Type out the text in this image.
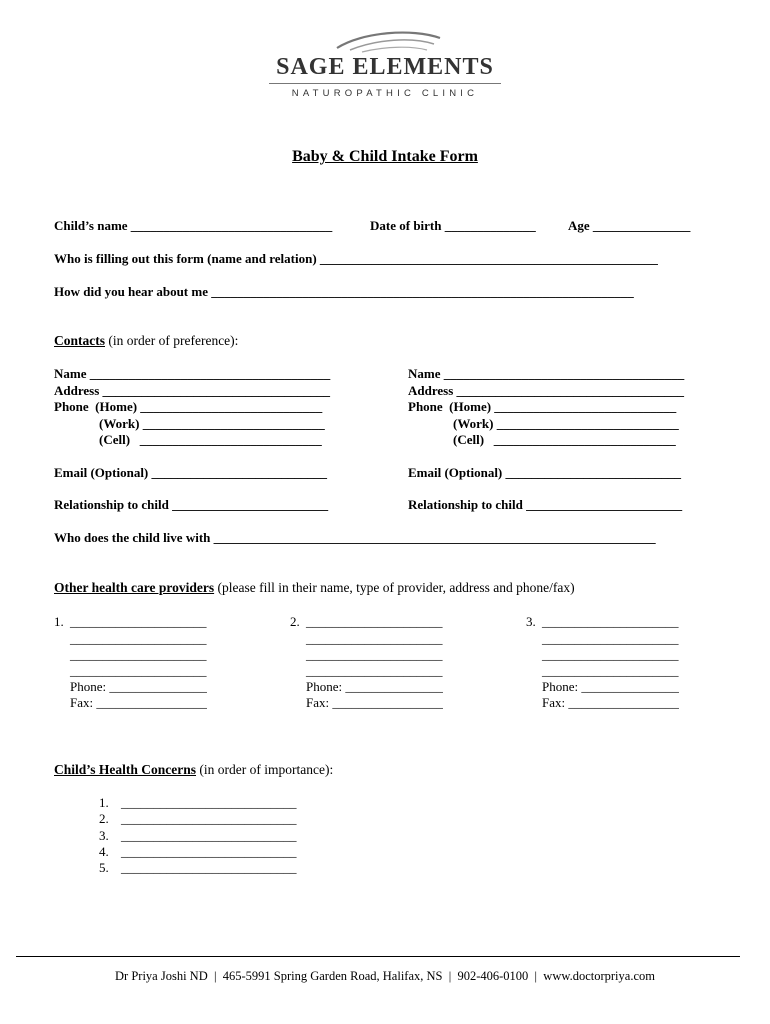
SAGE ELEMENTS
NATUROPATHIC CLINIC
Baby & Child Intake Form
Child’s name _______________________________	Date of birth ______________ Age _______________
Who is filling out this form (name and relation) ____________________________________________________
How did you hear about me _________________________________________________________________
Contacts (in order of preference):
Name _____________________________________
Address ___________________________________
Phone  (Home) ____________________________
(Work) ____________________________
(Cell)   ____________________________
Email (Optional) ___________________________
Relationship to child ________________________
Name _____________________________________
Address ___________________________________
Phone  (Home) ____________________________
(Work) ____________________________
(Cell)   ____________________________
Email (Optional) ___________________________
Relationship to child ________________________
Who does the child live with ____________________________________________________________________
Other health care providers (please fill in their name, type of provider, address and phone/fax)
1. _____________________
_____________________
_____________________
_____________________
Phone: _______________
Fax: _________________
2. _____________________
_____________________
_____________________
_____________________
Phone: _______________
Fax: _________________
3. _____________________
_____________________
_____________________
_____________________
Phone: _______________
Fax: _________________
Child’s Health Concerns (in order of importance):
1. ___________________________
2. ___________________________
3. ___________________________
4. ___________________________
5. ___________________________
Dr Priya Joshi ND  |  465-5991 Spring Garden Road, Halifax, NS  |  902-406-0100  |  www.doctorpriya.com
